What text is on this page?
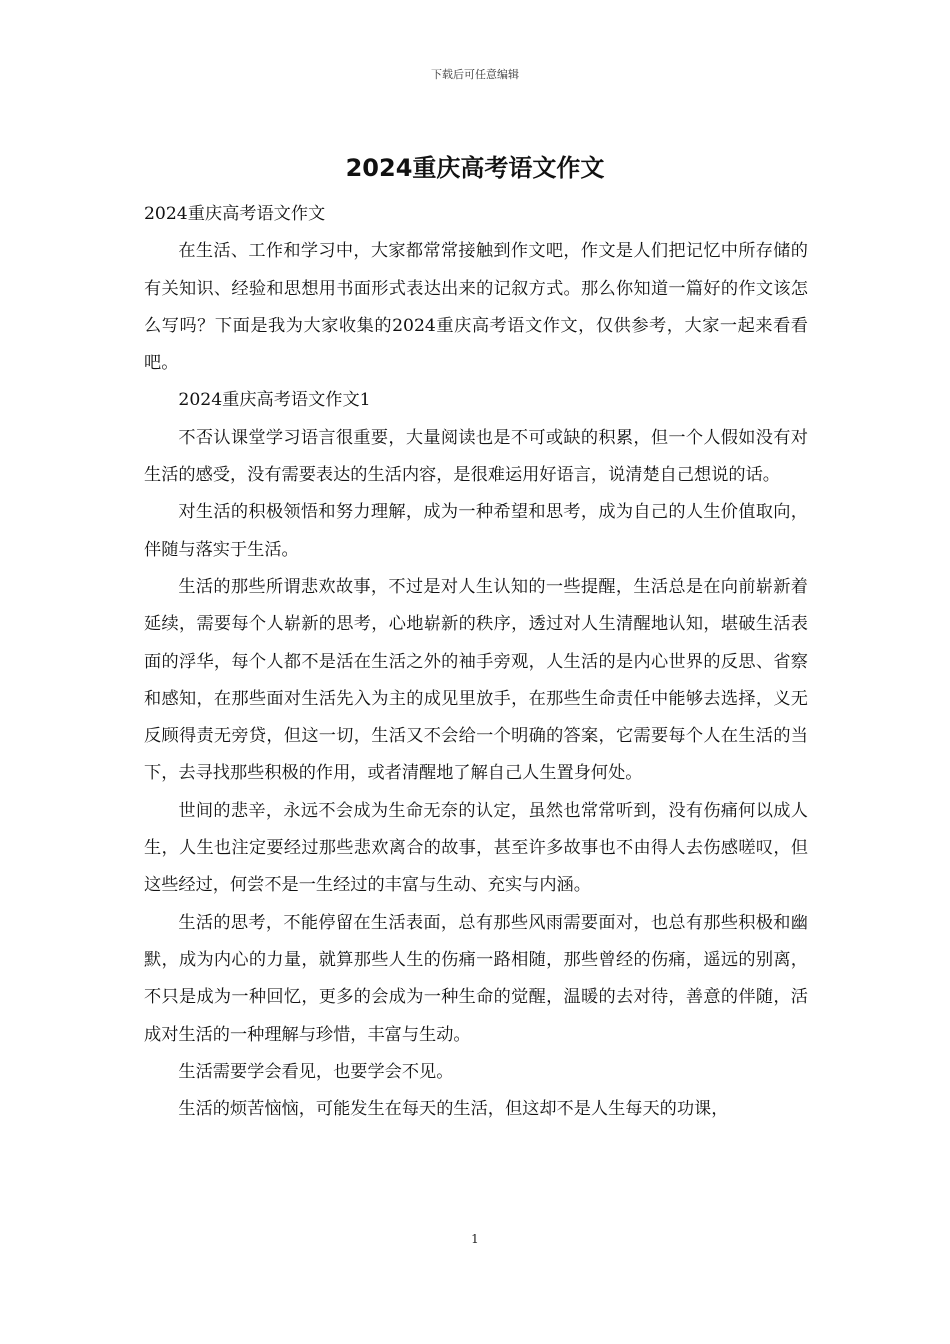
下载后可任意编辑
2024重庆高考语文作文

2024重庆高考语文作文

在生活、工作和学习中，大家都常常接触到作文吧，作文是人们把记忆中所存储的有关知识、经验和思想用书面形式表达出来的记叙方式。那么你知道一篇好的作文该怎么写吗？下面是我为大家收集的2024重庆高考语文作文，仅供参考，大家一起来看看吧。

2024重庆高考语文作文1

不否认课堂学习语言很重要，大量阅读也是不可或缺的积累，但一个人假如没有对生活的感受，没有需要表达的生活内容，是很难运用好语言，说清楚自己想说的话。

对生活的积极领悟和努力理解，成为一种希望和思考，成为自己的人生价值取向，伴随与落实于生活。

生活的那些所谓悲欢故事，不过是对人生认知的一些提醒，生活总是在向前崭新着延续，需要每个人崭新的思考，心地崭新的秩序，透过对人生清醒地认知，堪破生活表面的浮华，每个人都不是活在生活之外的袖手旁观，人生活的是内心世界的反思、省察和感知，在那些面对生活先入为主的成见里放手，在那些生命责任中能够去选择，义无反顾得责无旁贷，但这一切，生活又不会给一个明确的答案，它需要每个人在生活的当下，去寻找那些积极的作用，或者清醒地了解自己人生置身何处。

世间的悲辛，永远不会成为生命无奈的认定，虽然也常常听到，没有伤痛何以成人生，人生也注定要经过那些悲欢离合的故事，甚至许多故事也不由得人去伤感嗟叹，但这些经过，何尝不是一生经过的丰富与生动、充实与内涵。

生活的思考，不能停留在生活表面，总有那些风雨需要面对，也总有那些积极和幽默，成为内心的力量，就算那些人生的伤痛一路相随，那些曾经的伤痛，遥远的别离，不只是成为一种回忆，更多的会成为一种生命的觉醒，温暖的去对待，善意的伴随，活成对生活的一种理解与珍惜，丰富与生动。

生活需要学会看见，也要学会不见。

生活的烦苦恼恼，可能发生在每天的生活，但这却不是人生每天的功课，

1
